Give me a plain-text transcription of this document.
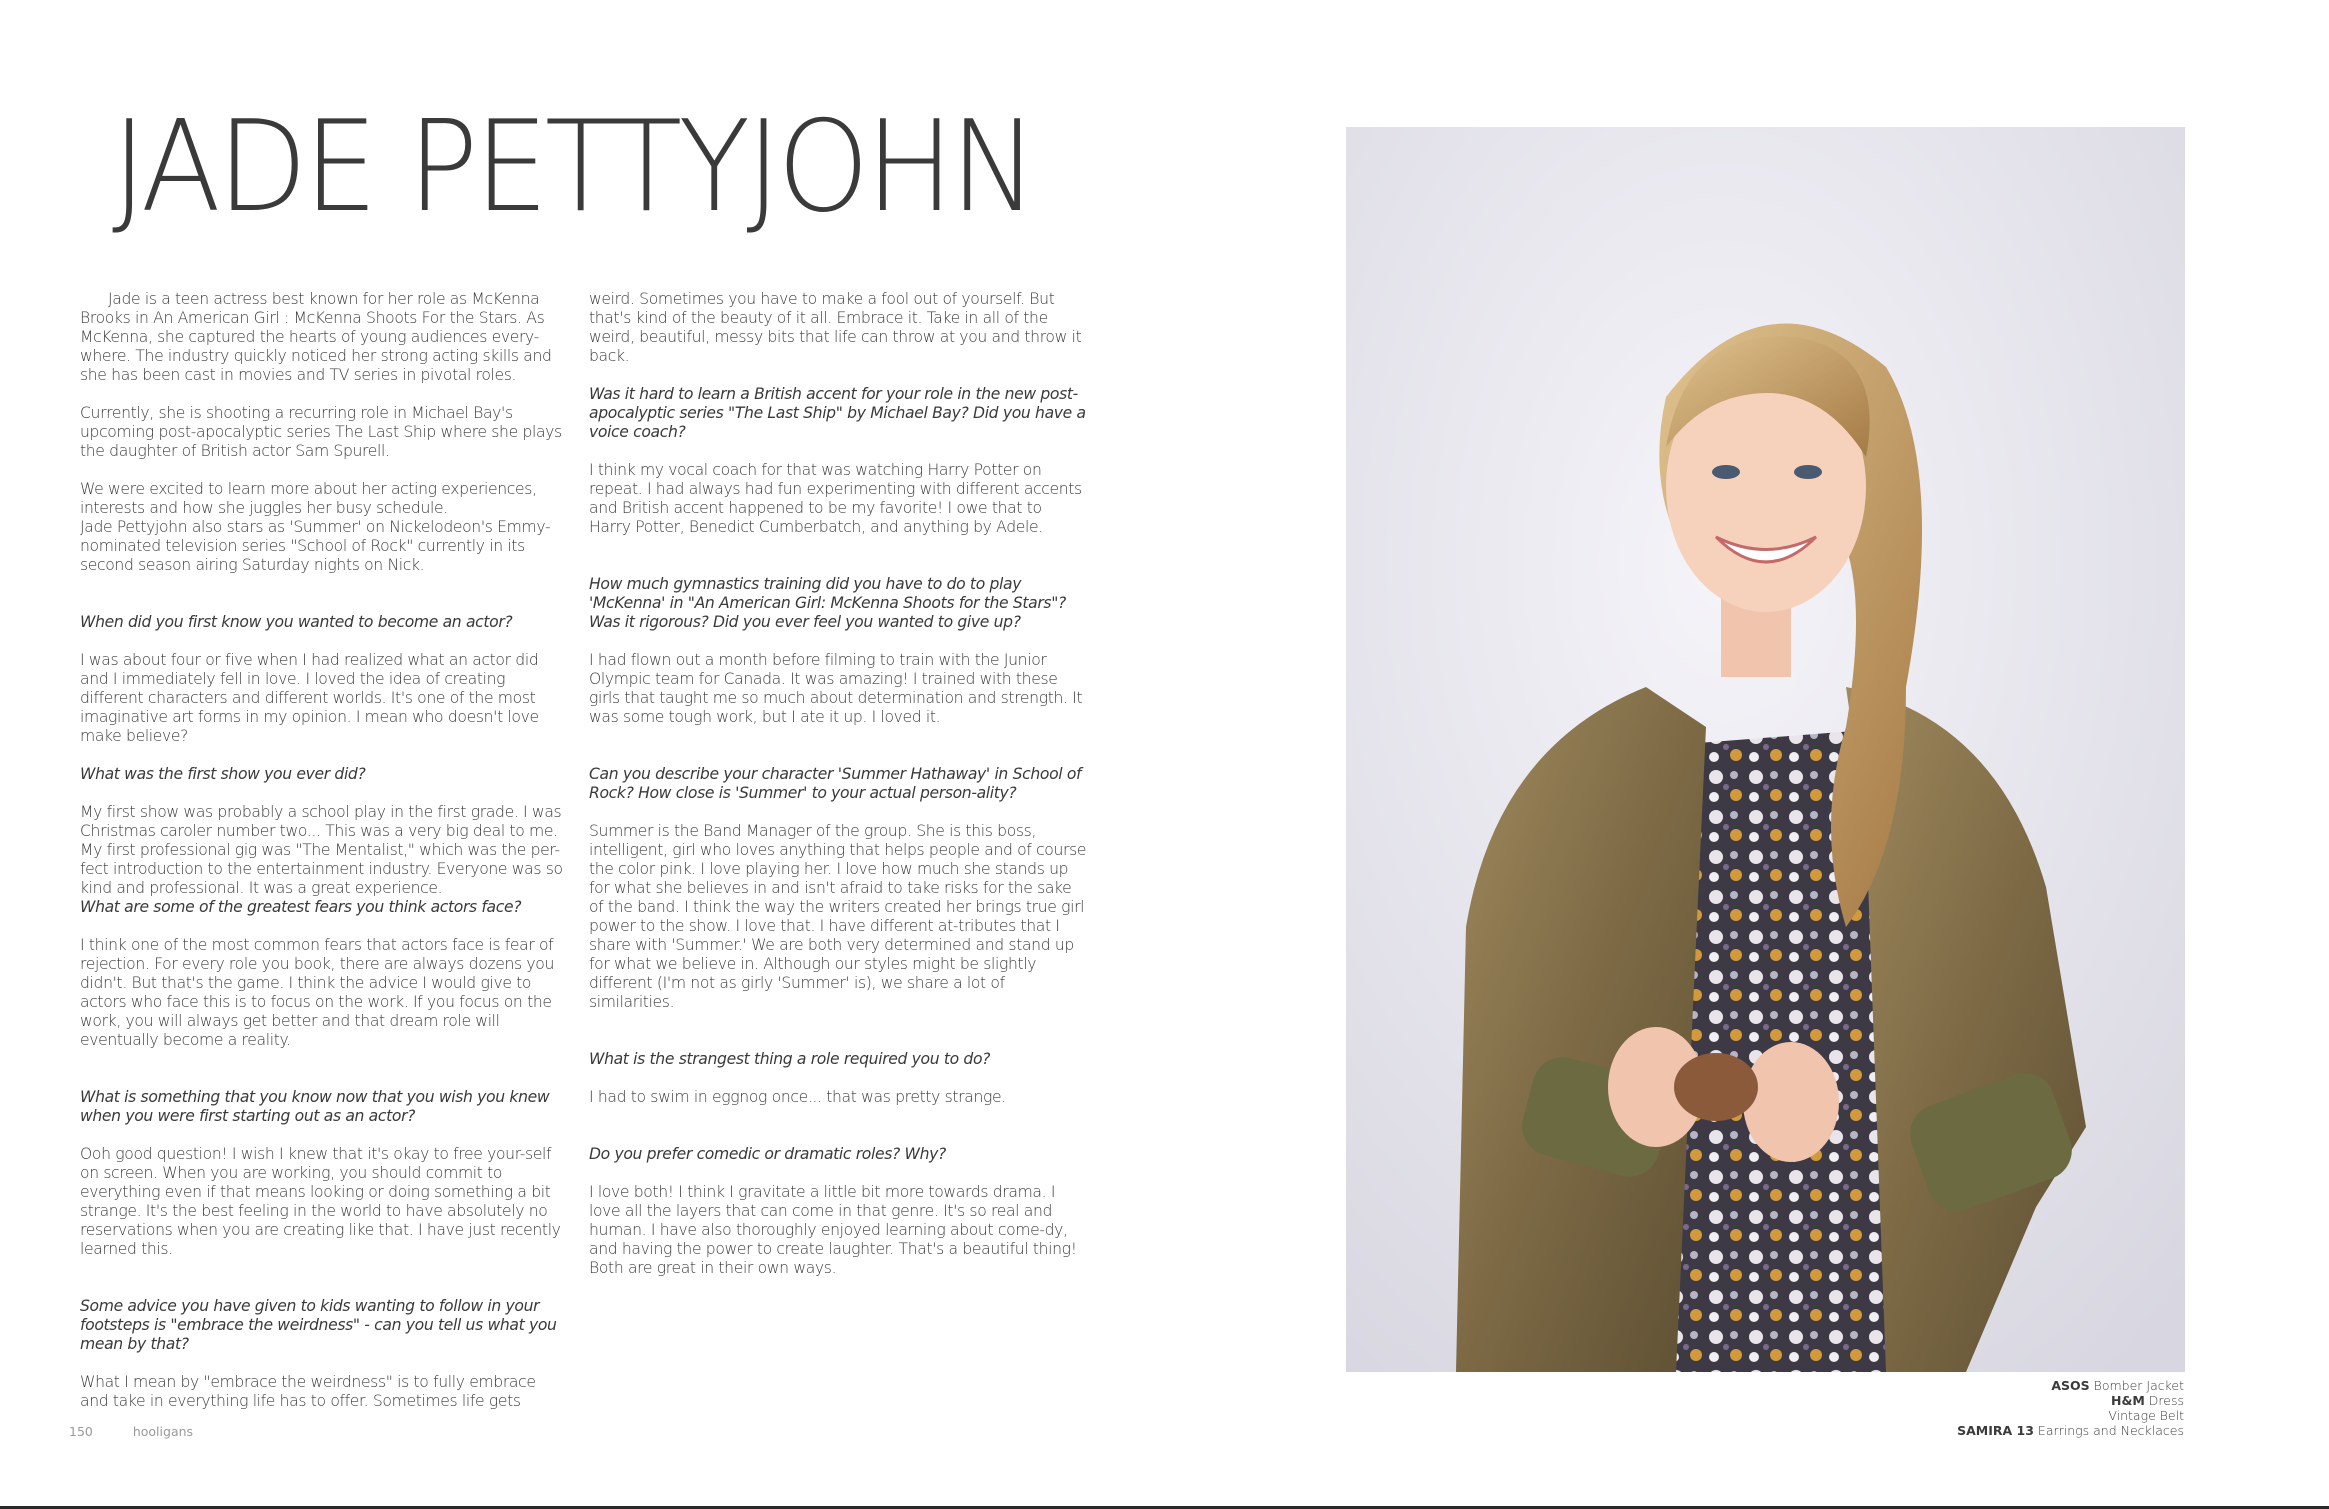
JADE PETTYJOHN

Jade is a teen actress best known for her role as McKenna Brooks in An American Girl : McKenna Shoots For the Stars. As McKenna, she captured the hearts of young audiences every-where. The industry quickly noticed her strong acting skills and she has been cast in movies and TV series in pivotal roles.

Currently, she is shooting a recurring role in Michael Bay's upcoming post-apocalyptic series The Last Ship where she plays the daughter of British actor Sam Spurell.

We were excited to learn more about her acting experiences, interests and how she juggles her busy schedule.

Jade Pettyjohn also stars as 'Summer' on Nickelodeon's Emmy-nominated television series "School of Rock" currently in its second season airing Saturday nights on Nick.

When did you first know you wanted to become an actor?

I was about four or five when I had realized what an actor did and I immediately fell in love. I loved the idea of creating different characters and different worlds. It's one of the most imaginative art forms in my opinion. I mean who doesn't love make believe?

What was the first show you ever did?

My first show was probably a school play in the first grade. I was Christmas caroler number two... This was a very big deal to me. My first professional gig was "The Mentalist," which was the per-fect introduction to the entertainment industry. Everyone was so kind and professional. It was a great experience.

What are some of the greatest fears you think actors face?

I think one of the most common fears that actors face is fear of rejection. For every role you book, there are always dozens you didn't. But that's the game. I think the advice I would give to actors who face this is to focus on the work. If you focus on the work, you will always get better and that dream role will eventually become a reality.

What is something that you know now that you wish you knew when you were first starting out as an actor?

Ooh good question! I wish I knew that it's okay to free your-self on screen. When you are working, you should commit to everything even if that means looking or doing something a bit strange. It's the best feeling in the world to have absolutely no reservations when you are creating like that. I have just recently learned this.

Some advice you have given to kids wanting to follow in your footsteps is "embrace the weirdness" - can you tell us what you mean by that?

What I mean by "embrace the weirdness" is to fully embrace and take in everything life has to offer. Sometimes life gets

weird. Sometimes you have to make a fool out of yourself. But that's kind of the beauty of it all. Embrace it. Take in all of the weird, beautiful, messy bits that life can throw at you and throw it back.

Was it hard to learn a British accent for your role in the new post-apocalyptic series "The Last Ship" by Michael Bay? Did you have a voice coach?

I think my vocal coach for that was watching Harry Potter on repeat. I had always had fun experimenting with different accents and British accent happened to be my favorite! I owe that to Harry Potter, Benedict Cumberbatch, and anything by Adele.

How much gymnastics training did you have to do to play 'McKenna' in "An American Girl: McKenna Shoots for the Stars"? Was it rigorous? Did you ever feel you wanted to give up?

I had flown out a month before filming to train with the Junior Olympic team for Canada. It was amazing! I trained with these girls that taught me so much about determination and strength. It was some tough work, but I ate it up. I loved it.

Can you describe your character 'Summer Hathaway' in School of Rock? How close is 'Summer' to your actual person-ality?

Summer is the Band Manager of the group. She is this boss, intelligent, girl who loves anything that helps people and of course the color pink. I love playing her. I love how much she stands up for what she believes in and isn't afraid to take risks for the sake of the band. I think the way the writers created her brings true girl power to the show. I love that. I have different at-tributes that I share with 'Summer.' We are both very determined and stand up for what we believe in. Although our styles might be slightly different (I'm not as girly 'Summer' is), we share a lot of similarities.

What is the strangest thing a role required you to do?

I had to swim in eggnog once... that was pretty strange.

Do you prefer comedic or dramatic roles? Why?

I love both! I think I gravitate a little bit more towards drama. I love all the layers that can come in that genre. It's so real and human. I have also thoroughly enjoyed learning about come-dy, and having the power to create laughter. That's a beautiful thing! Both are great in their own ways.

ASOS Bomber Jacket
H&M Dress
Vintage Belt
SAMIRA 13 Earrings and Necklaces
150	hooligans
